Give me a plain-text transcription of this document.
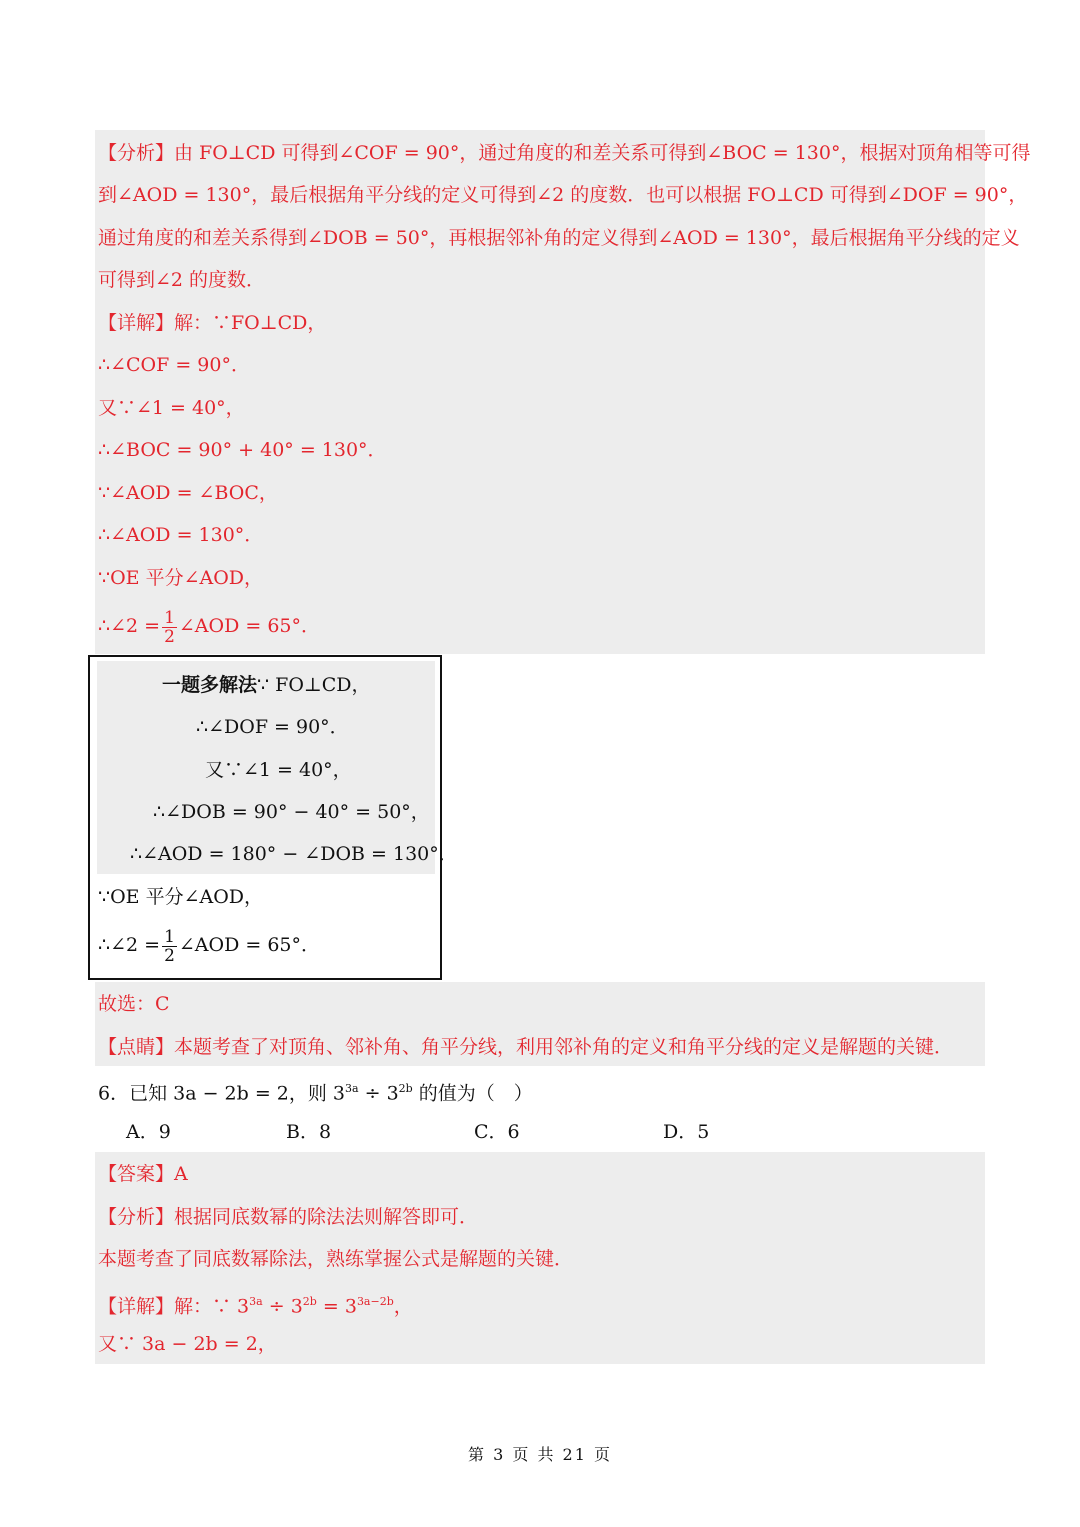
【分析】由 FO⊥CD 可得到∠COF = 90°，通过角度的和差关系可得到∠BOC = 130°，根据对顶角相等可得
到∠AOD = 130°，最后根据角平分线的定义可得到∠2 的度数．也可以根据 FO⊥CD 可得到∠DOF = 90°，
通过角度的和差关系得到∠DOB = 50°，再根据邻补角的定义得到∠AOD = 130°，最后根据角平分线的定义
可得到∠2 的度数．
【详解】解：∵FO⊥CD，
∴∠COF = 90°．
又∵∠1 = 40°，
∴∠BOC = 90° + 40° = 130°．
∵∠AOD = ∠BOC，
∴∠AOD = 130°．
∵OE 平分∠AOD，
∴∠2 = $\frac{1}{2}$ ∠AOD = 65°．
一题多解法∵ FO⊥CD，
∴∠DOF = 90°．
又∵∠1 = 40°，
∴∠DOB = 90° − 40° = 50°，
∴∠AOD = 180° − ∠DOB = 130°．
∵OE 平分∠AOD，
∴∠2 = $\frac{1}{2}$ ∠AOD = 65°．
故选：C
【点睛】本题考查了对顶角、邻补角、角平分线，利用邻补角的定义和角平分线的定义是解题的关键．
6．已知 3a − 2b = 2，则 $3^{3a} \div 3^{2b}$ 的值为（　）
A．9	B．8	C．6	D．5
【答案】A
【分析】根据同底数幂的除法法则解答即可．
本题考查了同底数幂除法，熟练掌握公式是解题的关键．
【详解】解：∵ $3^{3a} \div 3^{2b} = 3^{3a-2b}$，
又∵ 3a − 2b = 2，
第 3 页 共 21 页
